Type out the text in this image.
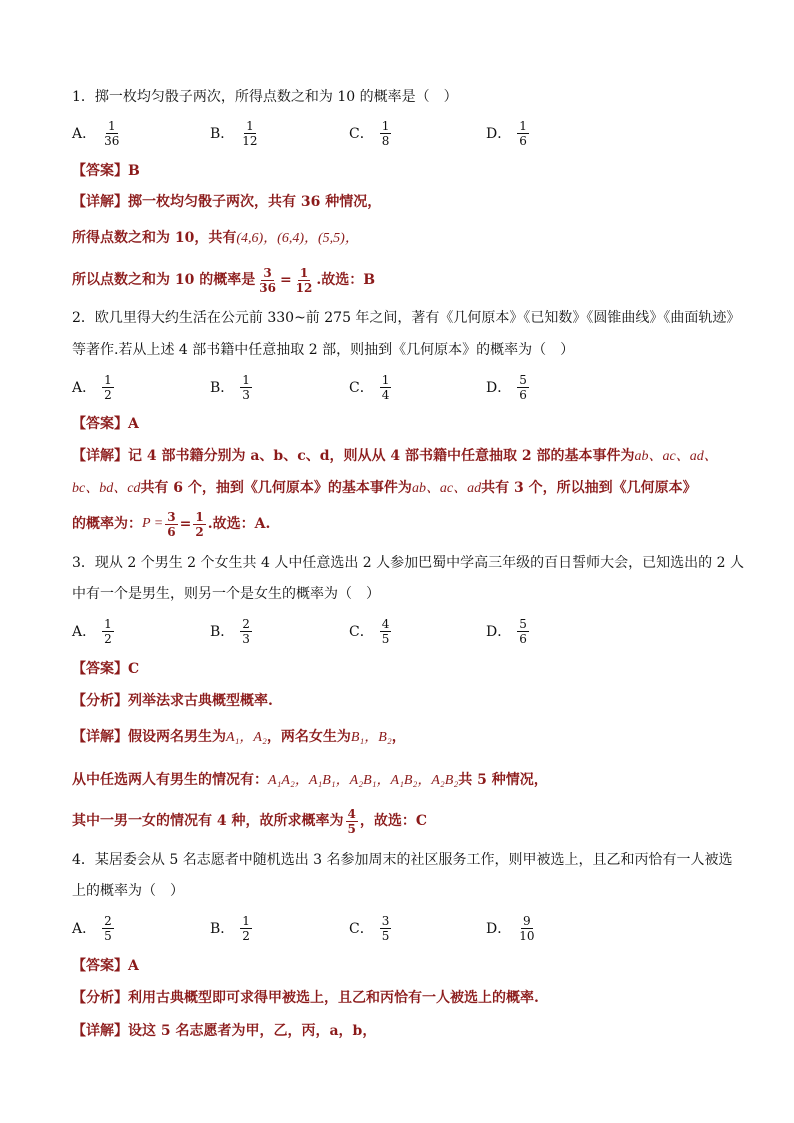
1．掷一枚均匀骰子两次，所得点数之和为 10 的概率是（　）
A． $\frac{1}{36}$	B． $\frac{1}{12}$	C． $\frac{1}{8}$	D． $\frac{1}{6}$
【答案】B
【详解】掷一枚均匀骰子两次，共有 36 种情况，
所得点数之和为 10，共有(4,6)，(6,4)，(5,5)，
所以点数之和为 10 的概率是 $\frac{3}{36} = \frac{1}{12}$ .故选：B
2．欧几里得大约生活在公元前 330~前 275 年之间，著有《几何原本》《已知数》《圆锥曲线》《曲面轨迹》
等著作.若从上述 4 部书籍中任意抽取 2 部，则抽到《几何原本》的概率为（　）
A． $\frac{1}{2}$	B． $\frac{1}{3}$	C． $\frac{1}{4}$	D． $\frac{5}{6}$
【答案】A
【详解】记 4 部书籍分别为 a、b、c、d，则从从 4 部书籍中任意抽取 2 部的基本事件为ab、ac、ad、
bc、bd、cd共有 6 个，抽到《几何原本》的基本事件为ab、ac、ad共有 3 个，所以抽到《几何原本》
的概率为： $P = \frac{3}{6} = \frac{1}{2}$ .故选：A.
3．现从 2 个男生 2 个女生共 4 人中任意选出 2 人参加巴蜀中学高三年级的百日誓师大会，已知选出的 2 人
中有一个是男生，则另一个是女生的概率为（　）
A． $\frac{1}{2}$	B． $\frac{2}{3}$	C． $\frac{4}{5}$	D． $\frac{5}{6}$
【答案】C
【分析】列举法求古典概型概率.
【详解】假设两名男生为A₁，A₂，两名女生为B₁，B₂，
从中任选两人有男生的情况有：A₁A₂，A₁B₁，A₂B₁，A₁B₂，A₂B₂共 5 种情况，
其中一男一女的情况有 4 种，故所求概率为 $\frac{4}{5}$ ，故选：C
4．某居委会从 5 名志愿者中随机选出 3 名参加周末的社区服务工作，则甲被选上，且乙和丙恰有一人被选
上的概率为（　）
A． $\frac{2}{5}$	B． $\frac{1}{2}$	C． $\frac{3}{5}$	D． $\frac{9}{10}$
【答案】A
【分析】利用古典概型即可求得甲被选上，且乙和丙恰有一人被选上的概率.
【详解】设这 5 名志愿者为甲，乙，丙，a，b，
